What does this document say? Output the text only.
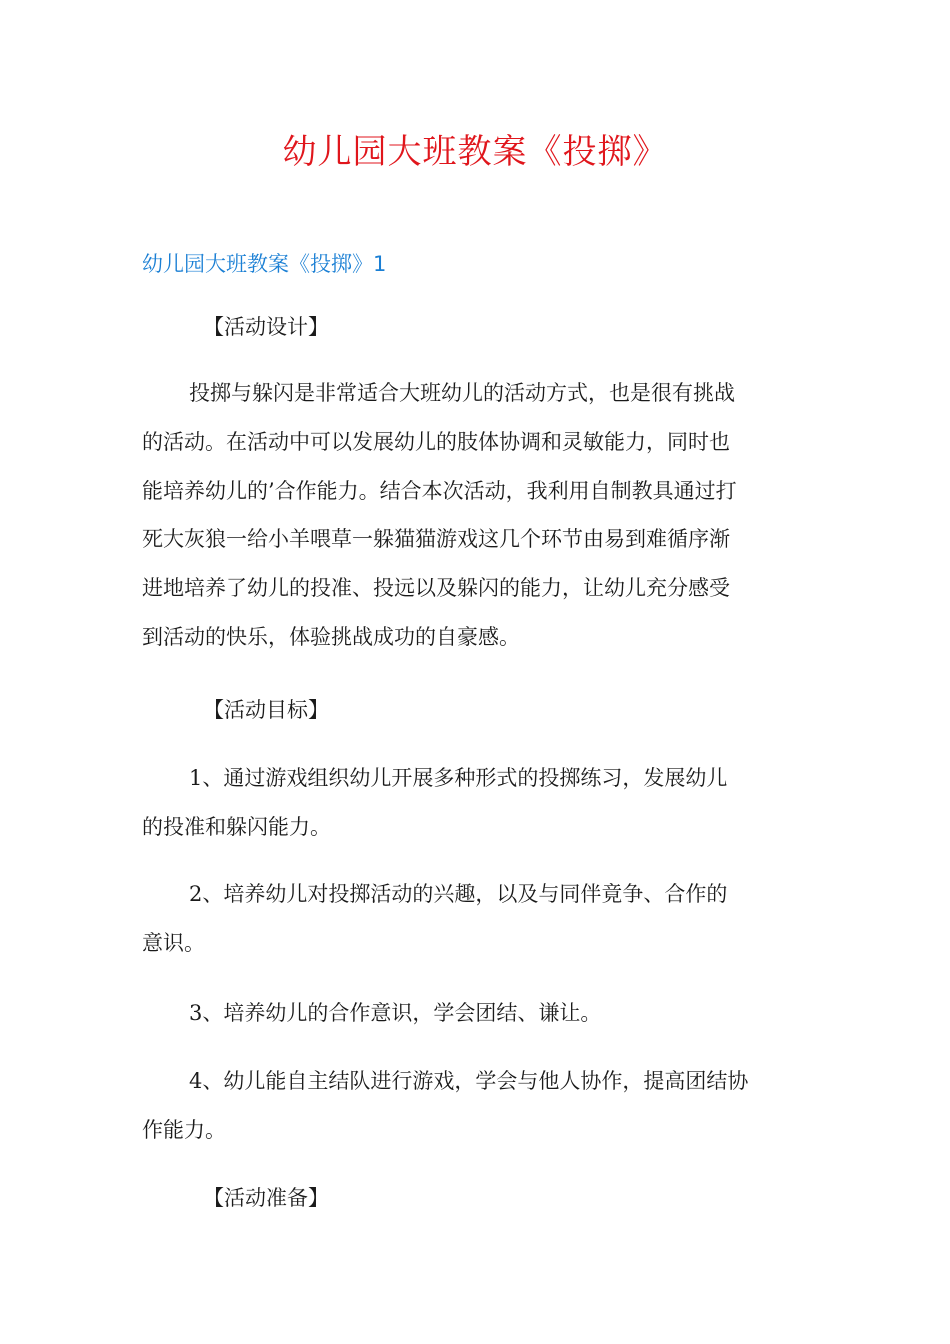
幼儿园大班教案《投掷》
幼儿园大班教案《投掷》1
【活动设计】
投掷与躲闪是非常适合大班幼儿的活动方式，也是很有挑战
的活动。在活动中可以发展幼儿的肢体协调和灵敏能力，同时也
能培养幼儿的’合作能力。结合本次活动，我利用自制教具通过打
死大灰狼一给小羊喂草一躲猫猫游戏这几个环节由易到难循序渐
进地培养了幼儿的投准、投远以及躲闪的能力，让幼儿充分感受
到活动的快乐，体验挑战成功的自豪感。
【活动目标】
1、通过游戏组织幼儿开展多种形式的投掷练习，发展幼儿
的投准和躲闪能力。
2、培养幼儿对投掷活动的兴趣，以及与同伴竟争、合作的
意识。
3、培养幼儿的合作意识，学会团结、谦让。
4、幼儿能自主结队进行游戏，学会与他人协作，提高团结协
作能力。
【活动准备】
